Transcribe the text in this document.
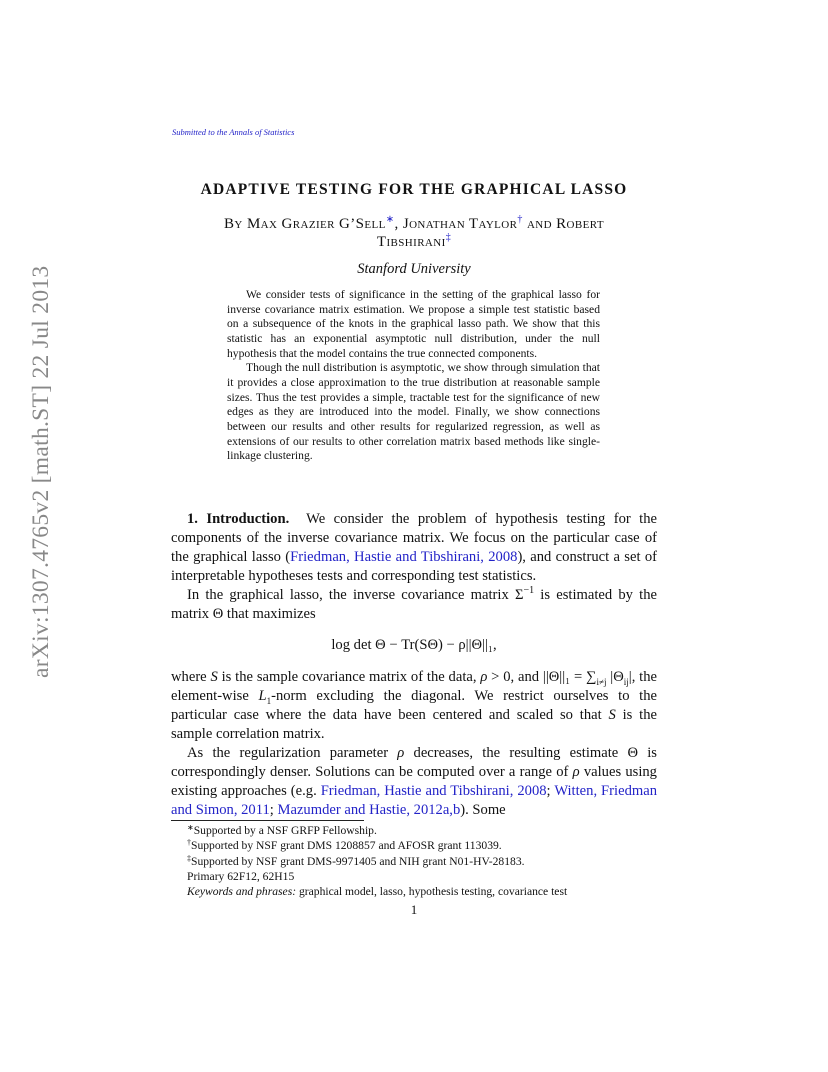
arXiv:1307.4765v2 [math.ST] 22 Jul 2013
Submitted to the Annals of Statistics
ADAPTIVE TESTING FOR THE GRAPHICAL LASSO
By Max Grazier G’Sell∗, Jonathan Taylor† and Robert
Tibshirani‡
Stanford University

We consider tests of significance in the setting of the graphical lasso for inverse covariance matrix estimation. We propose a simple test statistic based on a subsequence of the knots in the graphical lasso path. We show that this statistic has an exponential asymptotic null distribution, under the null hypothesis that the model contains the true connected components.

Though the null distribution is asymptotic, we show through simulation that it provides a close approximation to the true distribution at reasonable sample sizes. Thus the test provides a simple, tractable test for the significance of new edges as they are introduced into the model. Finally, we show connections between our results and other results for regularized regression, as well as extensions of our results to other correlation matrix based methods like single-linkage clustering.

1. Introduction. We consider the problem of hypothesis testing for the components of the inverse covariance matrix. We focus on the particular case of the graphical lasso (Friedman, Hastie and Tibshirani, 2008), and construct a set of interpretable hypotheses tests and corresponding test statistics.

In the graphical lasso, the inverse covariance matrix $\Sigma^{-1}$ is estimated by the matrix Θ that maximizes

log det Θ − Tr(SΘ) − ρ||Θ||₁,

where S is the sample covariance matrix of the data, ρ > 0, and $||\Theta||_1 = \sum_{i\ne j}$ $|\Theta_{ij}|$, the element-wise $L_1$-norm excluding the diagonal. We restrict ourselves to the particular case where the data have been centered and scaled so that S is the sample correlation matrix.

As the regularization parameter ρ decreases, the resulting estimate Θ is correspondingly denser. Solutions can be computed over a range of ρ values using existing approaches (e.g. Friedman, Hastie and Tibshirani, 2008; Witten, Friedman and Simon, 2011; Mazumder and Hastie, 2012a,b). Some

∗Supported by a NSF GRFP Fellowship.
†Supported by NSF grant DMS 1208857 and AFOSR grant 113039.
‡Supported by NSF grant DMS-9971405 and NIH grant N01-HV-28183.
Primary 62F12, 62H15
Keywords and phrases: graphical model, lasso, hypothesis testing, covariance test
1
